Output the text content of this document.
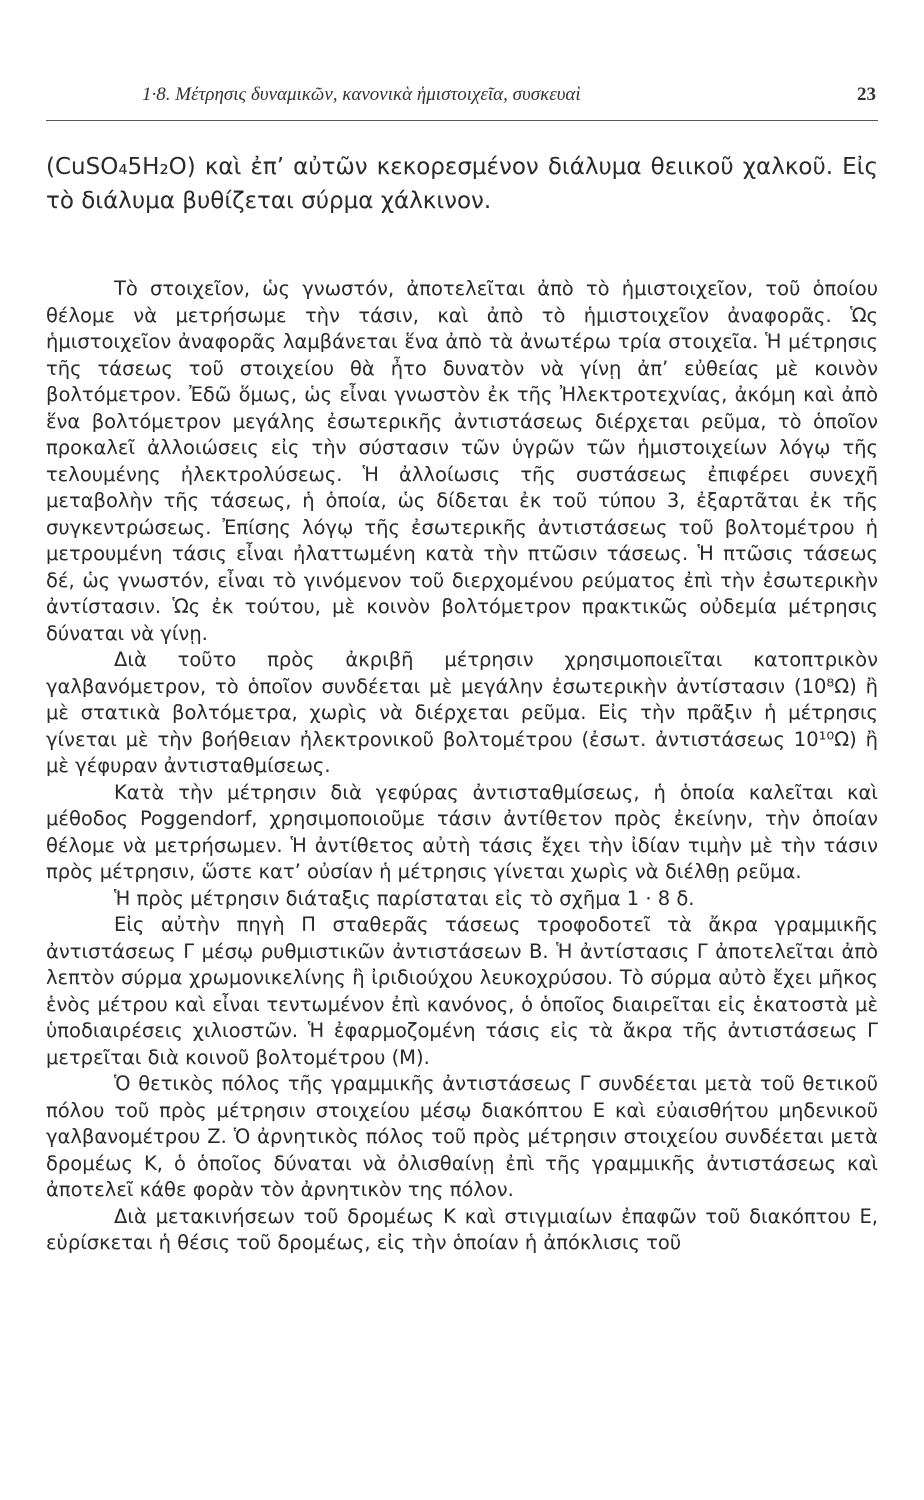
1·8. Μέτρησις δυναμικῶν, κανονικὰ ἡμιστοιχεῖα, συσκευαὶ	23

(CuSO₄5H₂O) καὶ ἐπ’ αὐτῶν κεκορεσμένον διάλυμα θειικοῦ χαλκοῦ. Εἰς τὸ διάλυμα βυθίζεται σύρμα χάλκινον.

Τὸ στοιχεῖον, ὡς γνωστόν, ἀποτελεῖται ἀπὸ τὸ ἡμιστοιχεῖον, τοῦ ὁποίου θέλομε νὰ μετρήσωμε τὴν τάσιν, καὶ ἀπὸ τὸ ἡμιστοιχεῖον ἀναφορᾶς. Ὡς ἡμιστοιχεῖον ἀναφορᾶς λαμβάνεται ἕνα ἀπὸ τὰ ἀνωτέρω τρία στοιχεῖα. Ἡ μέτρησις τῆς τάσεως τοῦ στοιχείου θὰ ἦτο δυνατὸν νὰ γίνῃ ἀπ’ εὐθείας μὲ κοινὸν βολτόμετρον. Ἐδῶ ὅμως, ὡς εἶναι γνωστὸν ἐκ τῆς Ἠλεκτροτεχνίας, ἀκόμη καὶ ἀπὸ ἕνα βολτόμετρον μεγάλης ἐσωτερικῆς ἀντιστάσεως διέρχεται ρεῦμα, τὸ ὁποῖον προκαλεῖ ἀλλοιώσεις εἰς τὴν σύστασιν τῶν ὑγρῶν τῶν ἡμιστοιχείων λόγῳ τῆς τελουμένης ἠλεκτρολύσεως. Ἡ ἀλλοίωσις τῆς συστάσεως ἐπιφέρει συνεχῆ μεταβολὴν τῆς τάσεως, ἡ ὁποία, ὡς δίδεται ἐκ τοῦ τύπου 3, ἐξαρτᾶται ἐκ τῆς συγκεντρώσεως. Ἐπίσης λόγῳ τῆς ἐσωτερικῆς ἀντιστάσεως τοῦ βολτομέτρου ἡ μετρουμένη τάσις εἶναι ἠλαττωμένη κατὰ τὴν πτῶσιν τάσεως. Ἡ πτῶσις τάσεως δέ, ὡς γνωστόν, εἶναι τὸ γινόμενον τοῦ διερχομένου ρεύματος ἐπὶ τὴν ἐσωτερικὴν ἀντίστασιν. Ὡς ἐκ τούτου, μὲ κοινὸν βολτόμετρον πρακτικῶς οὐδεμία μέτρησις δύναται νὰ γίνῃ.

Διὰ τοῦτο πρὸς ἀκριβῆ μέτρησιν χρησιμοποιεῖται κατοπτρικὸν γαλβανόμετρον, τὸ ὁποῖον συνδέεται μὲ μεγάλην ἐσωτερικὴν ἀντίστασιν (10⁸Ω) ἢ μὲ στατικὰ βολτόμετρα, χωρὶς νὰ διέρχεται ρεῦμα. Εἰς τὴν πρᾶξιν ἡ μέτρησις γίνεται μὲ τὴν βοήθειαν ἠλεκτρονικοῦ βολτομέτρου (ἐσωτ. ἀντιστάσεως 10¹⁰Ω) ἢ μὲ γέφυραν ἀντισταθμίσεως.

Κατὰ τὴν μέτρησιν διὰ γεφύρας ἀντισταθμίσεως, ἡ ὁποία καλεῖται καὶ μέθοδος Poggendorf, χρησιμοποιοῦμε τάσιν ἀντίθετον πρὸς ἐκείνην, τὴν ὁποίαν θέλομε νὰ μετρήσωμεν. Ἡ ἀντίθετος αὐτὴ τάσις ἔχει τὴν ἰδίαν τιμὴν μὲ τὴν τάσιν πρὸς μέτρησιν, ὥστε κατ’ οὐσίαν ἡ μέτρησις γίνεται χωρὶς νὰ διέλθῃ ρεῦμα.

Ἡ πρὸς μέτρησιν διάταξις παρίσταται εἰς τὸ σχῆμα 1 · 8 δ.

Εἰς αὐτὴν πηγὴ Π σταθερᾶς τάσεως τροφοδοτεῖ τὰ ἄκρα γραμμικῆς ἀντιστάσεως Γ μέσῳ ρυθμιστικῶν ἀντιστάσεων Β. Ἡ ἀντίστασις Γ ἀποτελεῖται ἀπὸ λεπτὸν σύρμα χρωμονικελίνης ἢ ἰριδιούχου λευκοχρύσου. Τὸ σύρμα αὐτὸ ἔχει μῆκος ἑνὸς μέτρου καὶ εἶναι τεντωμένον ἐπὶ κανόνος, ὁ ὁποῖος διαιρεῖται εἰς ἑκατοστὰ μὲ ὑποδιαιρέσεις χιλιοστῶν. Ἡ ἐφαρμοζομένη τάσις εἰς τὰ ἄκρα τῆς ἀντιστάσεως Γ μετρεῖται διὰ κοινοῦ βολτομέτρου (Μ).

Ὁ θετικὸς πόλος τῆς γραμμικῆς ἀντιστάσεως Γ συνδέεται μετὰ τοῦ θετικοῦ πόλου τοῦ πρὸς μέτρησιν στοιχείου μέσῳ διακόπτου Ε καὶ εὐαισθήτου μηδενικοῦ γαλβανομέτρου Ζ. Ὁ ἀρνητικὸς πόλος τοῦ πρὸς μέτρησιν στοιχείου συνδέεται μετὰ δρομέως Κ, ὁ ὁποῖος δύναται νὰ ὀλισθαίνῃ ἐπὶ τῆς γραμμικῆς ἀντιστάσεως καὶ ἀποτελεῖ κάθε φορὰν τὸν ἀρνητικὸν της πόλον.

Διὰ μετακινήσεων τοῦ δρομέως Κ καὶ στιγμιαίων ἐπαφῶν τοῦ διακόπτου Ε, εὑρίσκεται ἡ θέσις τοῦ δρομέως, εἰς τὴν ὁποίαν ἡ ἀπόκλισις τοῦ
